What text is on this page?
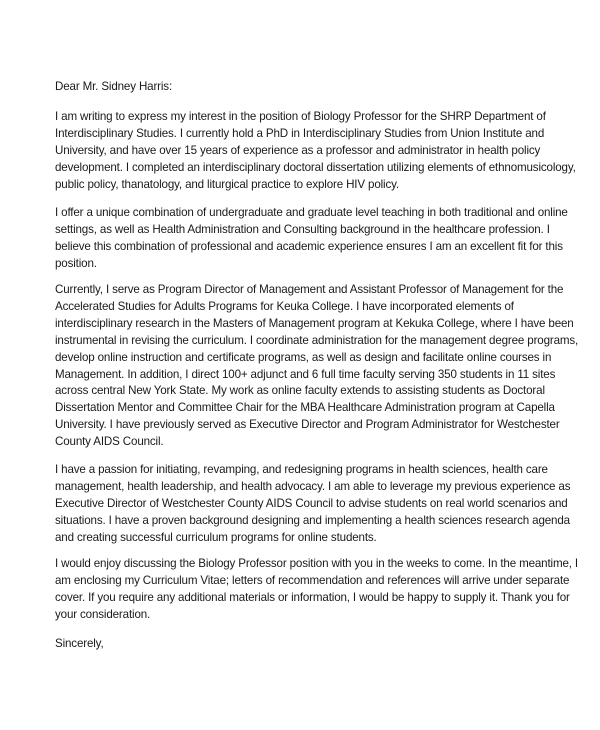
Dear Mr. Sidney Harris:
I am writing to express my interest in the position of Biology Professor for the SHRP Department of
Interdisciplinary Studies. I currently hold a PhD in Interdisciplinary Studies from Union Institute and
University, and have over 15 years of experience as a professor and administrator in health policy
development. I completed an interdisciplinary doctoral dissertation utilizing elements of ethnomusicology,
public policy, thanatology, and liturgical practice to explore HIV policy.
I offer a unique combination of undergraduate and graduate level teaching in both traditional and online
settings, as well as Health Administration and Consulting background in the healthcare profession. I
believe this combination of professional and academic experience ensures I am an excellent fit for this
position.
Currently, I serve as Program Director of Management and Assistant Professor of Management for the
Accelerated Studies for Adults Programs for Keuka College. I have incorporated elements of
interdisciplinary research in the Masters of Management program at Kekuka College, where I have been
instrumental in revising the curriculum. I coordinate administration for the management degree programs,
develop online instruction and certificate programs, as well as design and facilitate online courses in
Management. In addition, I direct 100+ adjunct and 6 full time faculty serving 350 students in 11 sites
across central New York State. My work as online faculty extends to assisting students as Doctoral
Dissertation Mentor and Committee Chair for the MBA Healthcare Administration program at Capella
University. I have previously served as Executive Director and Program Administrator for Westchester
County AIDS Council.
I have a passion for initiating, revamping, and redesigning programs in health sciences, health care
management, health leadership, and health advocacy. I am able to leverage my previous experience as
Executive Director of Westchester County AIDS Council to advise students on real world scenarios and
situations. I have a proven background designing and implementing a health sciences research agenda
and creating successful curriculum programs for online students.
I would enjoy discussing the Biology Professor position with you in the weeks to come. In the meantime, I
am enclosing my Curriculum Vitae; letters of recommendation and references will arrive under separate
cover. If you require any additional materials or information, I would be happy to supply it. Thank you for
your consideration.
Sincerely,
